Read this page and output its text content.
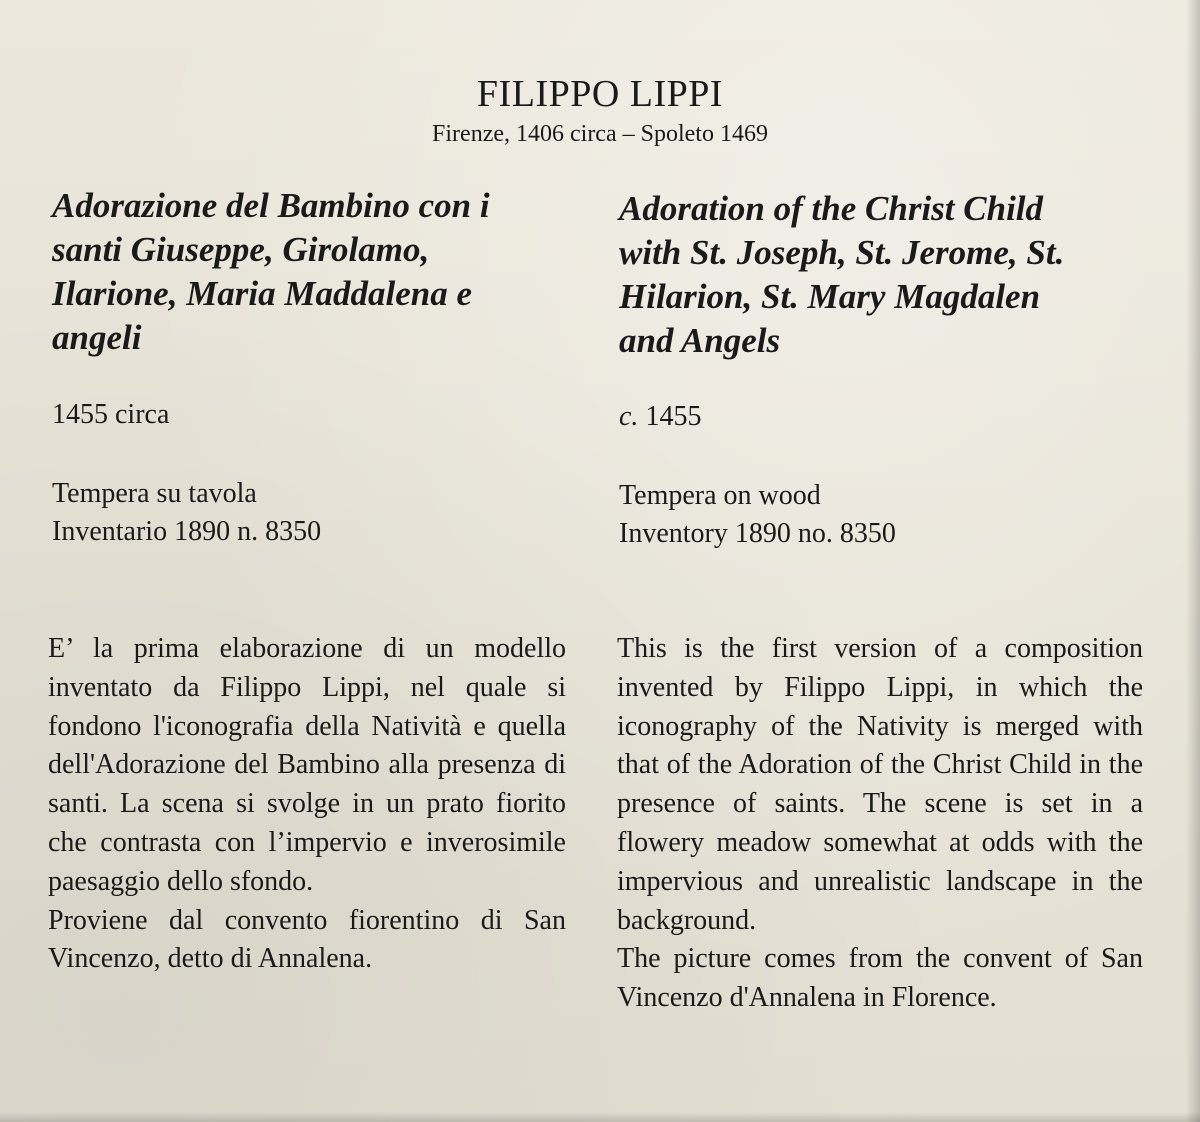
FILIPPO LIPPI
Firenze, 1406 circa – Spoleto 1469
Adorazione del Bambino con i
santi Giuseppe, Girolamo,
Ilarione, Maria Maddalena e
angeli
1455 circa
Tempera su tavola
Inventario 1890 n. 8350
E’ la prima elaborazione di un modello inventato da Filippo Lippi, nel quale si fondono l'iconografia della Natività e quella dell'Adorazione del Bambino alla presenza di santi. La scena si svolge in un prato fiorito che contrasta con l’impervio e inverosimile paesaggio dello sfondo.
Proviene dal convento fiorentino di San Vincenzo, detto di Annalena.
Adoration of the Christ Child
with St. Joseph, St. Jerome, St.
Hilarion, St. Mary Magdalen
and Angels
c. 1455
Tempera on wood
Inventory 1890 no. 8350
This is the first version of a composition invented by Filippo Lippi, in which the iconography of the Nativity is merged with that of the Adoration of the Christ Child in the presence of saints. The scene is set in a flowery meadow somewhat at odds with the impervious and unrealistic landscape in the background.
The picture comes from the convent of San Vincenzo d'Annalena in Florence.
